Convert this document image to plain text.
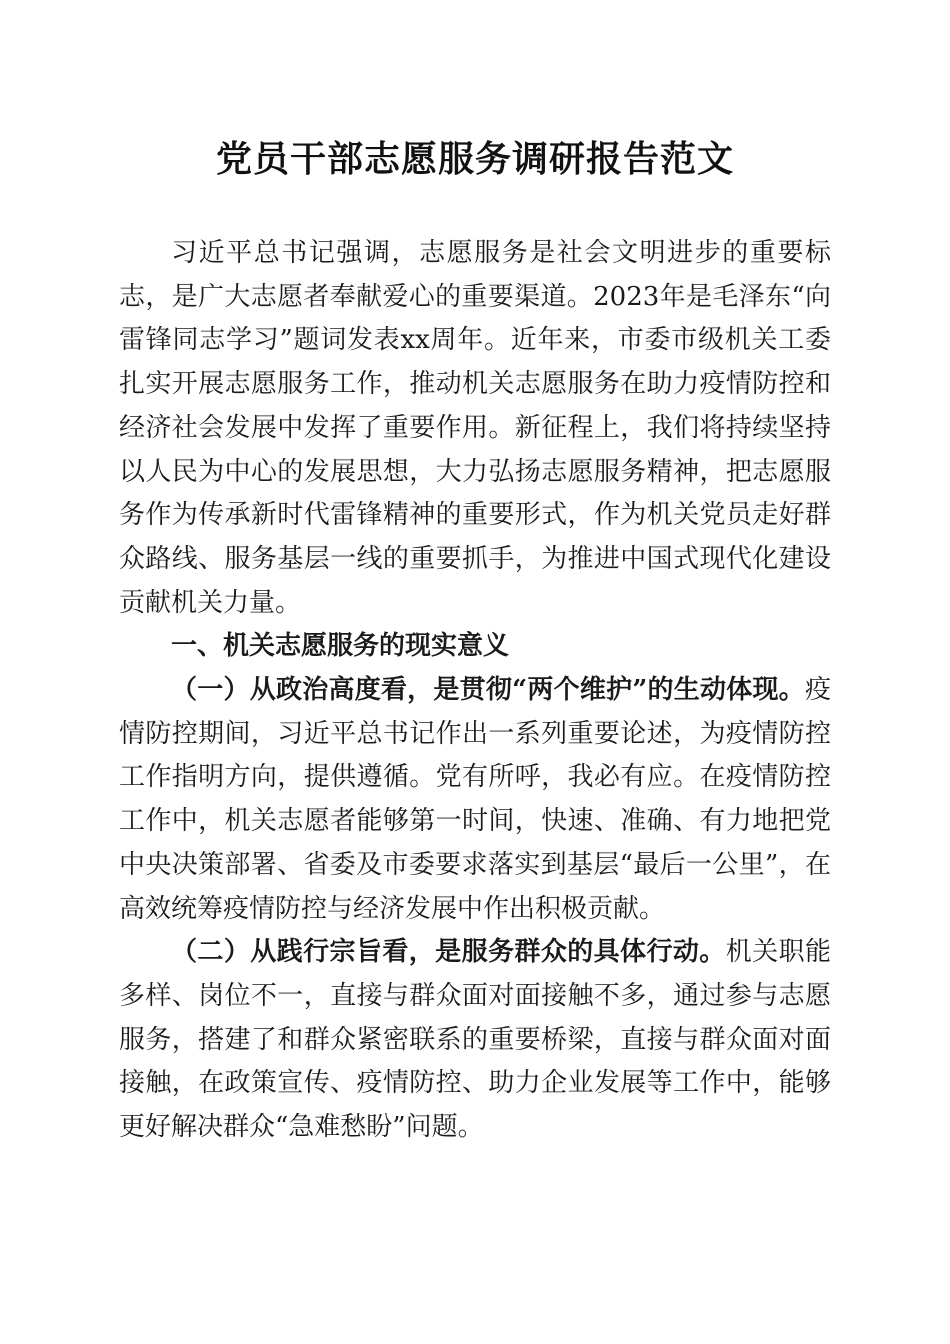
党员干部志愿服务调研报告范文

习近平总书记强调，志愿服务是社会文明进步的重要标志，是广大志愿者奉献爱心的重要渠道。2023年是毛泽东“向雷锋同志学习”题词发表xx周年。近年来，市委市级机关工委扎实开展志愿服务工作，推动机关志愿服务在助力疫情防控和经济社会发展中发挥了重要作用。新征程上，我们将持续坚持以人民为中心的发展思想，大力弘扬志愿服务精神，把志愿服务作为传承新时代雷锋精神的重要形式，作为机关党员走好群众路线、服务基层一线的重要抓手，为推进中国式现代化建设贡献机关力量。

一、机关志愿服务的现实意义

（一）从政治高度看，是贯彻“两个维护”的生动体现。疫情防控期间，习近平总书记作出一系列重要论述，为疫情防控工作指明方向，提供遵循。党有所呼，我必有应。在疫情防控工作中，机关志愿者能够第一时间，快速、准确、有力地把党中央决策部署、省委及市委要求落实到基层“最后一公里”，在高效统筹疫情防控与经济发展中作出积极贡献。

（二）从践行宗旨看，是服务群众的具体行动。机关职能多样、岗位不一，直接与群众面对面接触不多，通过参与志愿服务，搭建了和群众紧密联系的重要桥梁，直接与群众面对面接触，在政策宣传、疫情防控、助力企业发展等工作中，能够更好解决群众“急难愁盼”问题。
